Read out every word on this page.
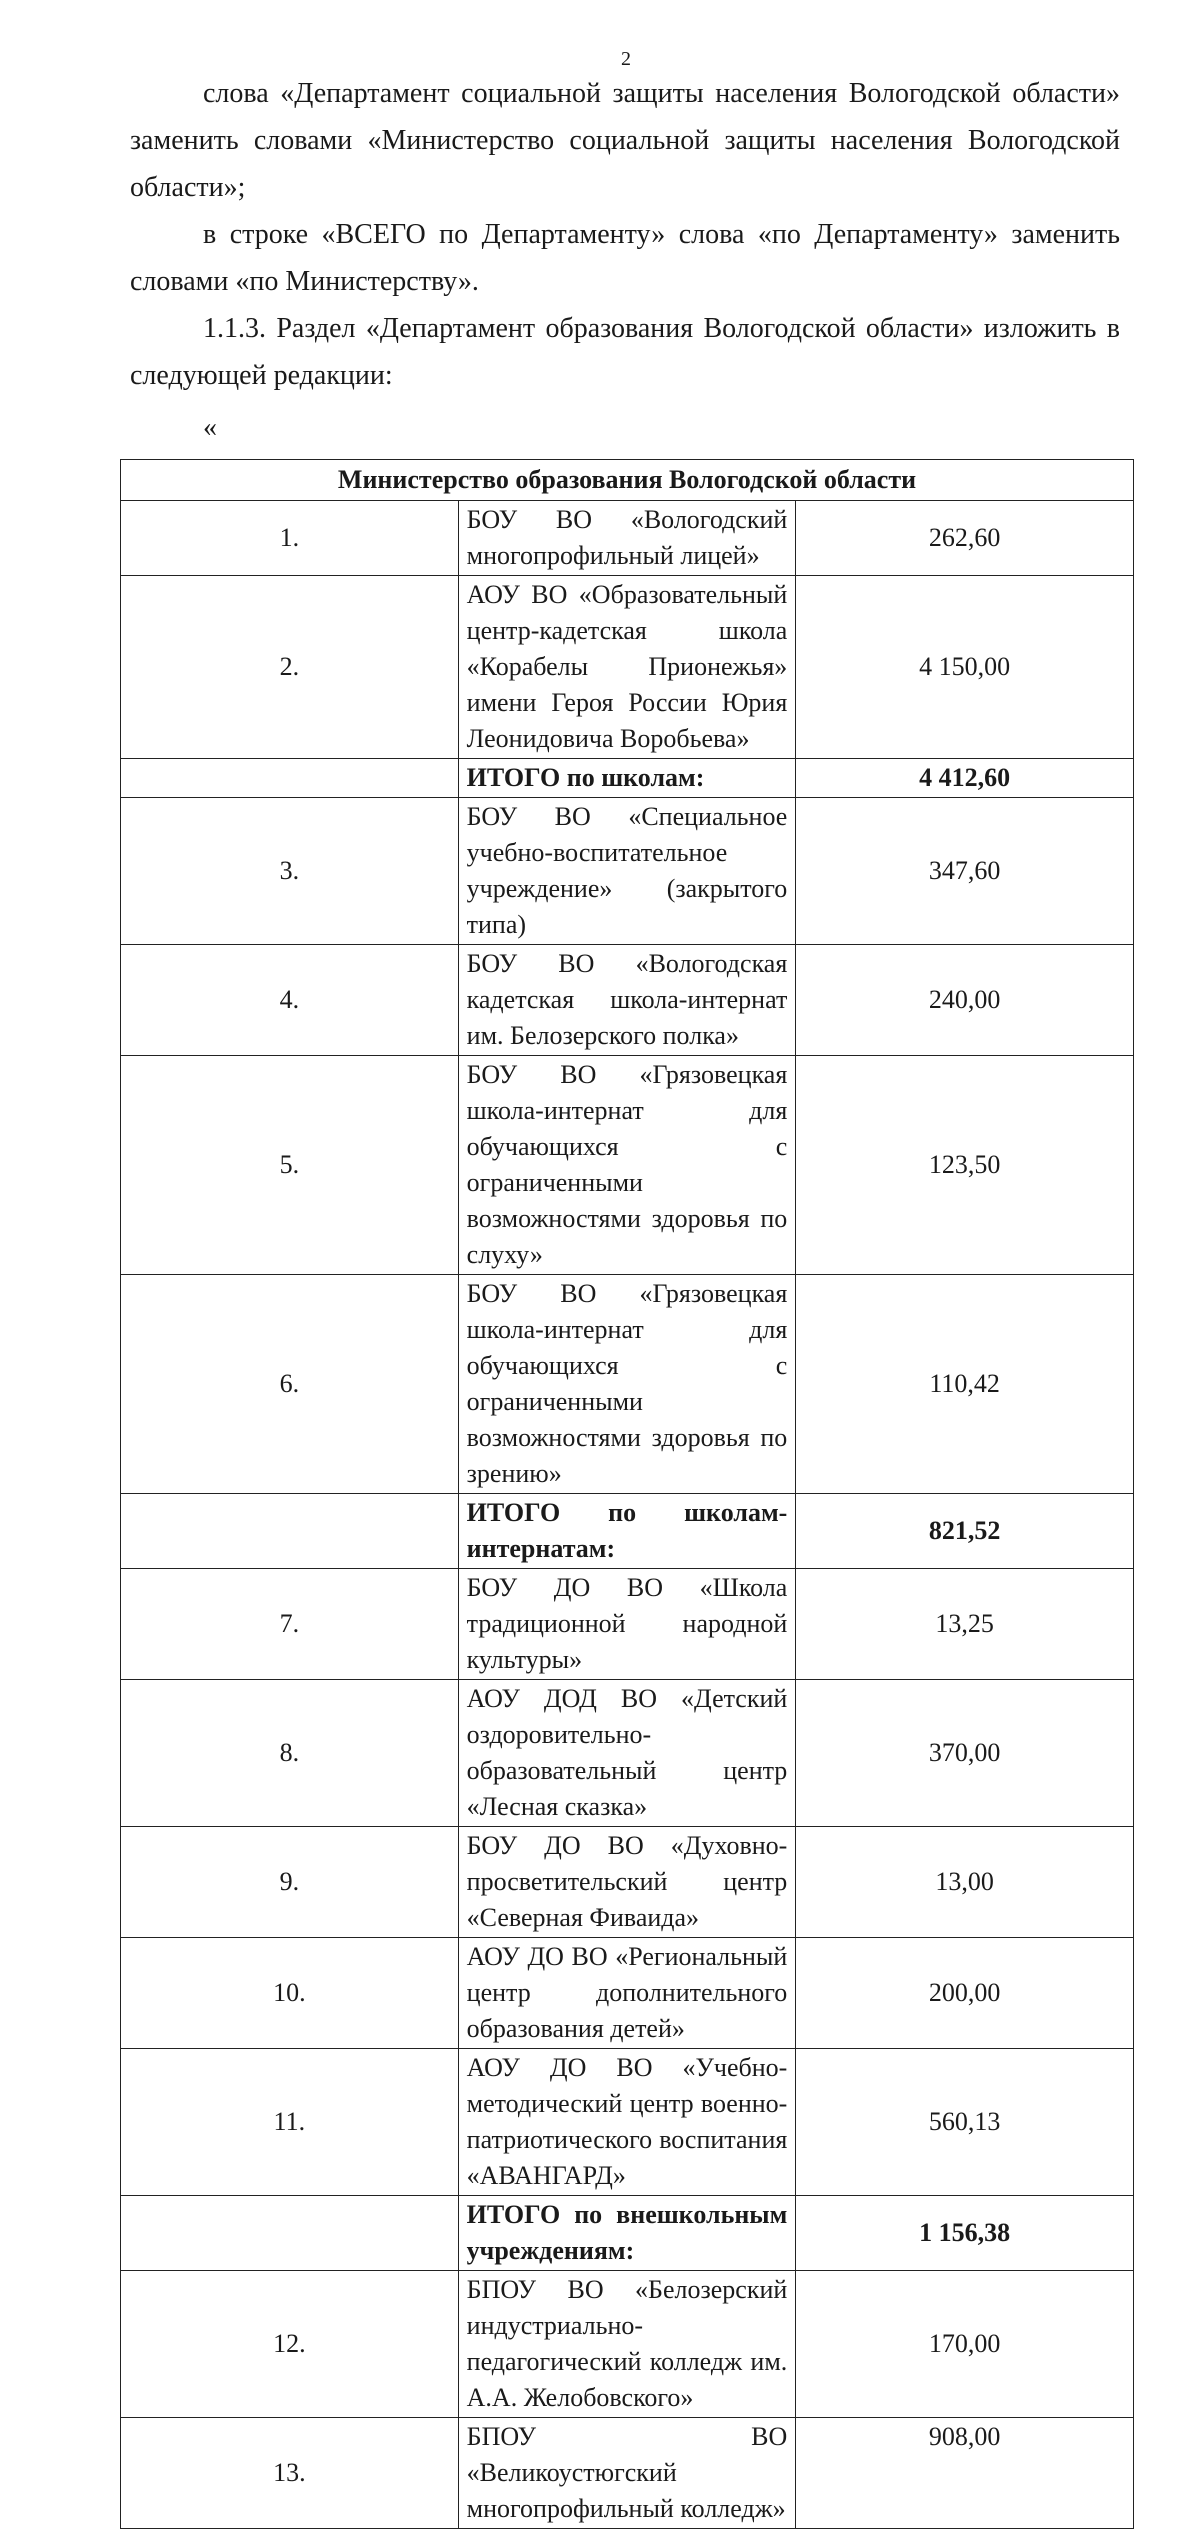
2

слова «Департамент социальной защиты населения Вологодской области» заменить словами «Министерство социальной защиты населения Вологодской области»;

в строке «ВСЕГО по Департаменту» слова «по Департаменту» заменить словами «по Министерству».

1.1.3. Раздел «Департамент образования Вологодской области» изложить в следующей редакции:

«
Министерство образования Вологодской области		
1.	БОУ ВО «Вологодский многопрофильный лицей»	262,60
2.	АОУ ВО «Образовательный центр-кадетская школа «Корабелы Прионежья» имени Героя России Юрия Леонидовича Воробьева»	4 150,00
	ИТОГО по школам:	4 412,60
3.	БОУ ВО «Специальное учебно-воспитательное учреждение» (закрытого типа)	347,60
4.	БОУ ВО «Вологодская кадетская школа-интернат им. Белозерского полка»	240,00
5.	БОУ ВО «Грязовецкая школа-интернат для обучающихся с ограниченными возможностями здоровья по слуху»	123,50
6.	БОУ ВО «Грязовецкая школа-интернат для обучающихся с ограниченными возможностями здоровья по зрению»	110,42
	ИТОГО по школам-интернатам:	821,52
7.	БОУ ДО ВО «Школа традиционной народной культуры»	13,25
8.	АОУ ДОД ВО «Детский оздоровительно-образовательный центр «Лесная сказка»	370,00
9.	БОУ ДО ВО «Духовно-просветительский центр «Северная Фиваида»	13,00
10.	АОУ ДО ВО «Региональный центр дополнительного образования детей»	200,00
11.	АОУ ДО ВО «Учебно-методический центр военно-патриотического воспитания «АВАНГАРД»	560,13
	ИТОГО по внешкольным учреждениям:	1 156,38
12.	БПОУ ВО «Белозерский индустриально-педагогический колледж им. А.А. Желобовского»	170,00
13.	БПОУ ВО «Великоустюгский многопрофильный колледж»	908,00
